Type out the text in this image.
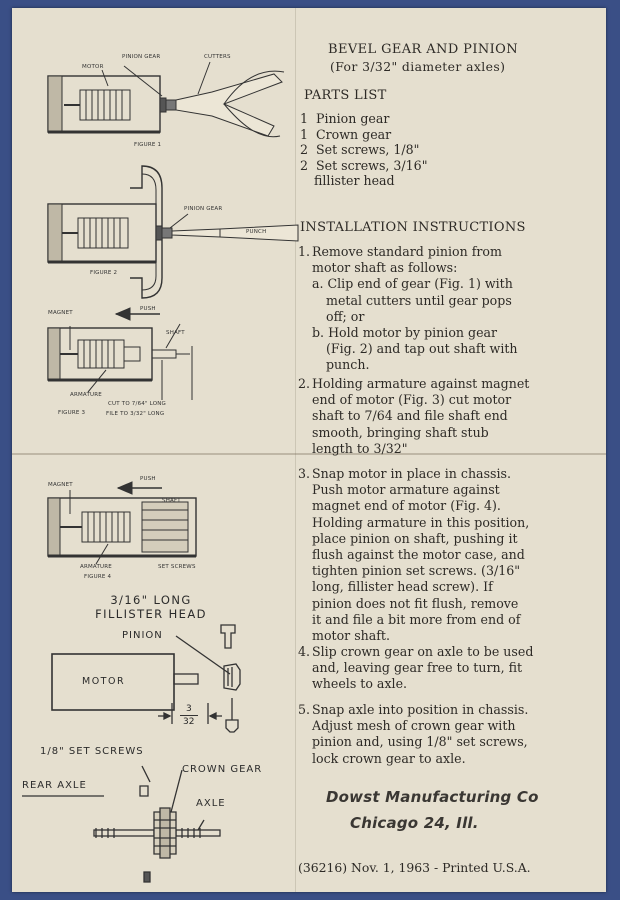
MOTOR
PINION GEAR	CUTTERS
FIGURE 1
PINION GEAR
PUNCH
FIGURE 2
MAGNET
PUSH
SHAFT
ARMATURE
CUT TO 7/64" LONG
FILE TO 3/32" LONG
FIGURE 3
MAGNET
PUSH
SHAFT
ARMATURE	SET SCREWS
FIGURE 4
3/16" LONG
FILLISTER HEAD
PINION
MOTOR
3
32
1/8" SET SCREWS
CROWN GEAR
REAR AXLE
AXLE
BEVEL GEAR AND PINION
(For 3/32" diameter axles)
PARTS LIST
1 Pinion gear
1 Crown gear
2 Set screws, 1/8"
2 Set screws, 3/16"
fillister head
INSTALLATION INSTRUCTIONS
1. Remove standard pinion from
motor shaft as follows:
a. Clip end of gear (Fig. 1) with
metal cutters until gear pops
off; or
b. Hold motor by pinion gear
(Fig. 2) and tap out shaft with
punch.
2. Holding armature against magnet
end of motor (Fig. 3) cut motor
shaft to 7/64 and file shaft end
smooth, bringing shaft stub
length to 3/32"
3. Snap motor in place in chassis.
Push motor armature against
magnet end of motor (Fig. 4).
Holding armature in this position,
place pinion on shaft, pushing it
flush against the motor case, and
tighten pinion set screws. (3/16"
long, fillister head screw). If
pinion does not fit flush, remove
it and file a bit more from end of
motor shaft.
4. Slip crown gear on axle to be used
and, leaving gear free to turn, fit
wheels to axle.
5. Snap axle into position in chassis.
Adjust mesh of crown gear with
pinion and, using 1/8" set screws,
lock crown gear to axle.
Dowst Manufacturing Co
Chicago 24, Ill.
(36216) Nov. 1, 1963 - Printed U.S.A.
